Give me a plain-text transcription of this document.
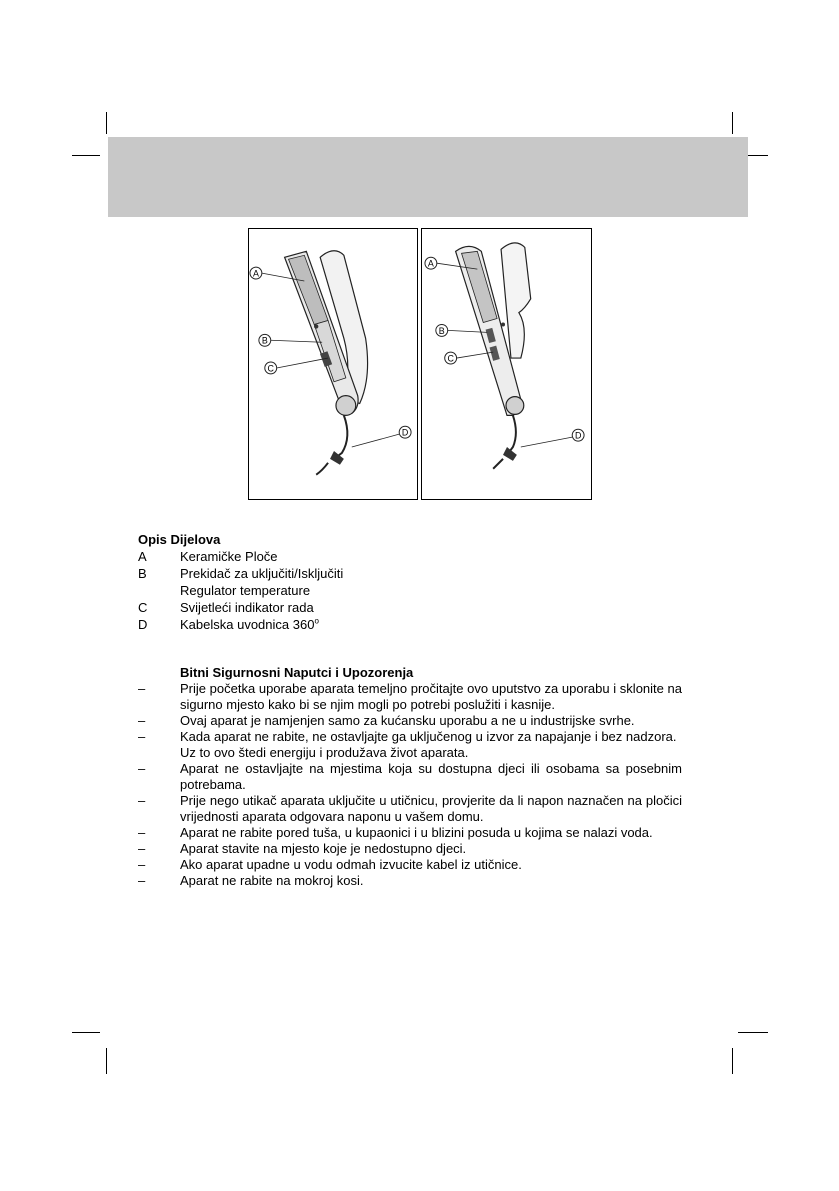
A
B
C
D
A
B
C
D
Opis Dijelova
A	Keramičke Ploče
B	Prekidač za uključiti/Isključiti
Regulator temperature
C	Svijetleći indikator rada
D	Kabelska uvodnica 360$^o$
Bitni Sigurnosni Naputci i Upozorenja
–	Prije početka uporabe aparata temeljno pročitajte ovo uputstvo za uporabu i sklonite na sigurno mjesto kako bi se njim mogli po potrebi poslužiti i kasnije.
–	Ovaj aparat je namjenjen samo za kućansku uporabu a ne u industrijske svrhe.
–	Kada aparat ne rabite, ne ostavljajte ga uključenog u izvor za napajanje i bez nadzora.
Uz to ovo štedi energiju i produžava život aparata.
–	Aparat ne ostavljajte na mjestima koja su dostupna djeci ili osobama sa posebnim potrebama.
–	Prije nego utikač aparata uključite u utičnicu, provjerite da li napon naznačen na pločici vrijednosti aparata odgovara naponu u vašem domu.
–	Aparat ne rabite pored tuša, u kupaonici i u blizini posuda u kojima se nalazi voda.
–	Aparat stavite na mjesto koje je nedostupno djeci.
–	Ako aparat upadne u vodu odmah izvucite kabel iz utičnice.
–	Aparat ne rabite na mokroj kosi.
